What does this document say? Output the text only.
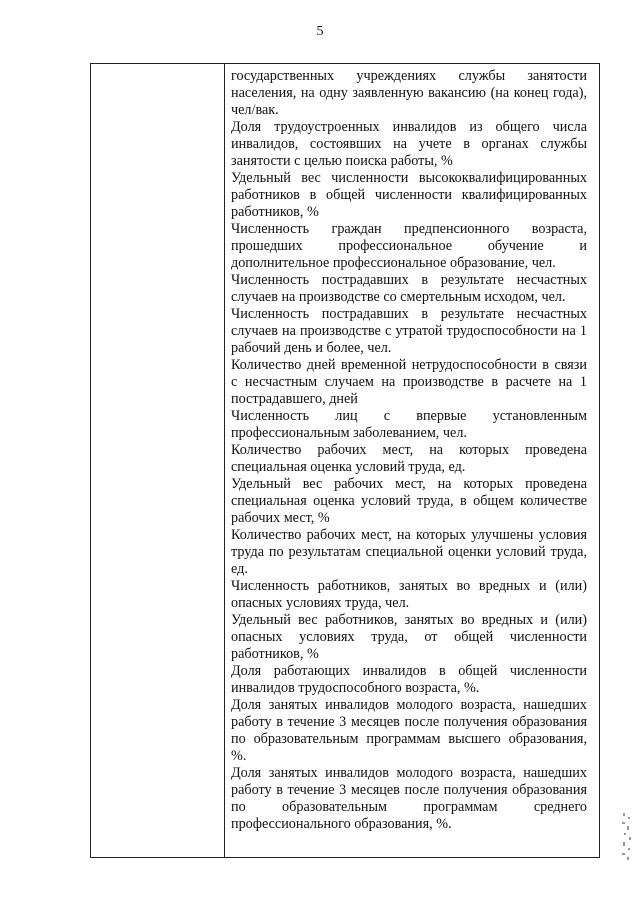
5

государственных учреждениях службы занятости населения, на одну заявленную вакансию (на конец года), чел/вак.

Доля трудоустроенных инвалидов из общего числа инвалидов, состоявших на учете в органах службы занятости с целью поиска работы, %

Удельный вес численности высококвалифицированных работников в общей численности квалифицированных работников, %

Численность граждан предпенсионного возраста, прошедших профессиональное обучение и дополнительное профессиональное образование, чел.

Численность пострадавших в результате несчастных случаев на производстве со смертельным исходом, чел.

Численность пострадавших в результате несчастных случаев на производстве с утратой трудоспособности на 1 рабочий день и более, чел.

Количество дней временной нетрудоспособности в связи с несчастным случаем на производстве в расчете на 1 пострадавшего, дней

Численность лиц с впервые установленным профессиональным заболеванием, чел.

Количество рабочих мест, на которых проведена специальная оценка условий труда, ед.

Удельный вес рабочих мест, на которых проведена специальная оценка условий труда, в общем количестве рабочих мест, %

Количество рабочих мест, на которых улучшены условия труда по результатам специальной оценки условий труда, ед.

Численность работников, занятых во вредных и (или) опасных условиях труда, чел.

Удельный вес работников, занятых во вредных и (или) опасных условиях труда, от общей численности работников, %

Доля работающих инвалидов в общей численности инвалидов трудоспособного возраста, %.

Доля занятых инвалидов молодого возраста, нашедших работу в течение 3 месяцев после получения образования по образовательным программам высшего образования, %.

Доля занятых инвалидов молодого возраста, нашедших работу в течение 3 месяцев после получения образования по образовательным программам среднего профессионального образования, %.
